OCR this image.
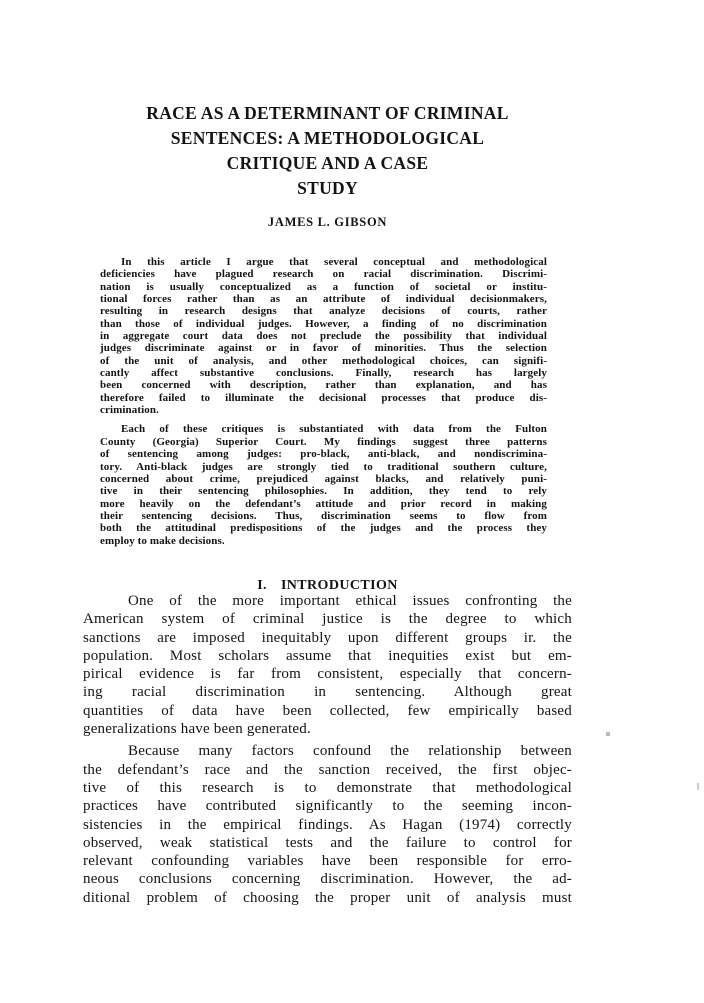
RACE AS A DETERMINANT OF CRIMINAL
SENTENCES: A METHODOLOGICAL
CRITIQUE AND A CASE
STUDY
JAMES L. GIBSON
In this article I argue that several conceptual and methodological
deficiencies have plagued research on racial discrimination. Discrimi-
nation is usually conceptualized as a function of societal or institu-
tional forces rather than as an attribute of individual decisionmakers,
resulting in research designs that analyze decisions of courts, rather
than those of individual judges. However, a finding of no discrimination
in aggregate court data does not preclude the possibility that individual
judges discriminate against or in favor of minorities. Thus the selection
of the unit of analysis, and other methodological choices, can signifi-
cantly affect substantive conclusions. Finally, research has largely
been concerned with description, rather than explanation, and has
therefore failed to illuminate the decisional processes that produce dis-
crimination.
Each of these critiques is substantiated with data from the Fulton
County (Georgia) Superior Court. My findings suggest three patterns
of sentencing among judges: pro-black, anti-black, and nondiscrimina-
tory. Anti-black judges are strongly tied to traditional southern culture,
concerned about crime, prejudiced against blacks, and relatively puni-
tive in their sentencing philosophies. In addition, they tend to rely
more heavily on the defendant’s attitude and prior record in making
their sentencing decisions. Thus, discrimination seems to flow from
both the attitudinal predispositions of the judges and the process they
employ to make decisions.
I. INTRODUCTION
One of the more important ethical issues confronting the
American system of criminal justice is the degree to which
sanctions are imposed inequitably upon different groups ir. the
population. Most scholars assume that inequities exist but em-
pirical evidence is far from consistent, especially that concern-
ing racial discrimination in sentencing. Although great
quantities of data have been collected, few empirically based
generalizations have been generated.
Because many factors confound the relationship between
the defendant’s race and the sanction received, the first objec-
tive of this research is to demonstrate that methodological
practices have contributed significantly to the seeming incon-
sistencies in the empirical findings. As Hagan (1974) correctly
observed, weak statistical tests and the failure to control for
relevant confounding variables have been responsible for erro-
neous conclusions concerning discrimination. However, the ad-
ditional problem of choosing the proper unit of analysis must
